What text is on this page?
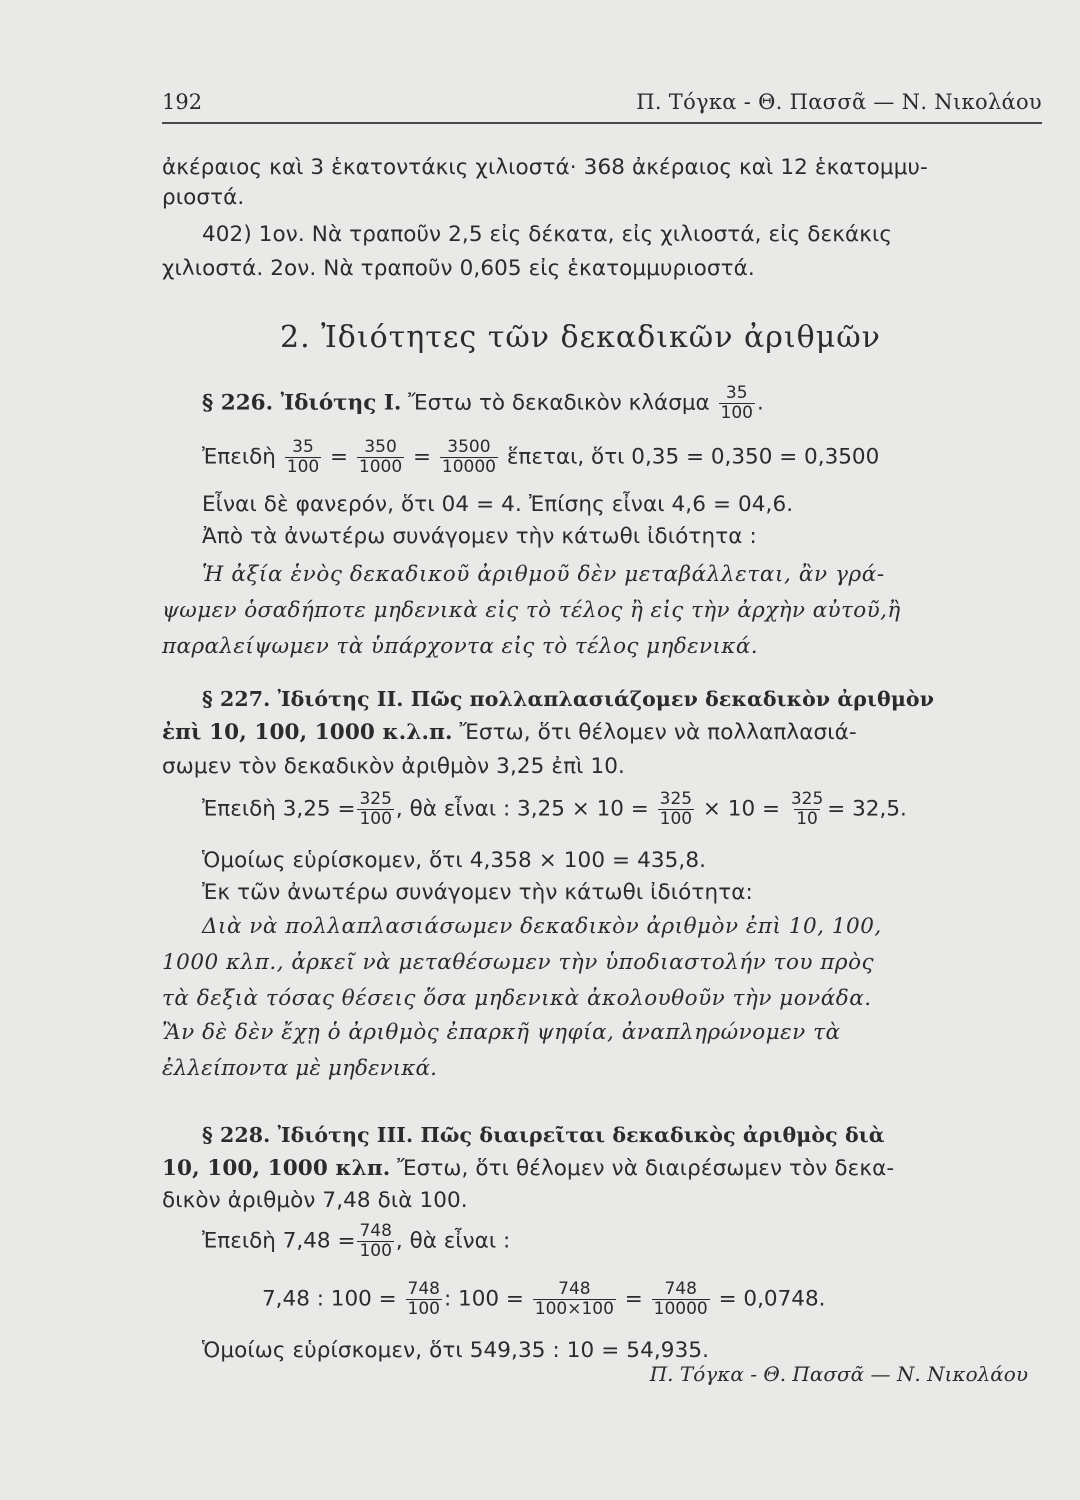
192	Π. Τόγκα - Θ. Πασσᾶ — Ν. Νικολάου
ἀκέραιος καὶ 3 ἑκατοντάκις χιλιοστά· 368 ἀκέραιος καὶ 12 ἑκατομμυ-
ριοστά.
402) 1ον. Νὰ τραποῦν 2,5 εἰς δέκατα, εἰς χιλιοστά, εἰς δεκάκις
χιλιοστά. 2ον. Νὰ τραποῦν 0,605 εἰς ἑκατομμυριοστά.
2. Ἰδιότητες τῶν δεκαδικῶν ἀριθμῶν
§ 226. Ἰδιότης I. Ἔστω τὸ δεκαδικὸν κλάσμα $\frac{35}{100}$ .
Ἐπειδὴ $\frac{35}{100} = \frac{350}{1000} = \frac{3500}{10000}$ ἕπεται, ὅτι 0,35 = 0,350 = 0,3500
Εἶναι δὲ φανερόν, ὅτι 04 = 4. Ἐπίσης εἶναι 4,6 = 04,6.
Ἀπὸ τὰ ἀνωτέρω συνάγομεν τὴν κάτωθι ἰδιότητα :
Ἡ ἀξία ἑνὸς δεκαδικοῦ ἀριθμοῦ δὲν μεταβάλλεται, ἂν γρά-
ψωμεν ὁσαδήποτε μηδενικὰ εἰς τὸ τέλος ἢ εἰς τὴν ἀρχὴν αὐτοῦ,ἢ
παραλείψωμεν τὰ ὑπάρχοντα εἰς τὸ τέλος μηδενικά.
§ 227. Ἰδιότης II. Πῶς πολλαπλασιάζομεν δεκαδικὸν ἀριθμὸν
ἐπὶ 10, 100, 1000 κ.λ.π. Ἔστω, ὅτι θέλομεν νὰ πολλαπλασιά-
σωμεν τὸν δεκαδικὸν ἀριθμὸν 3,25 ἐπὶ 10.
Ἐπειδὴ $3,25 = \frac{325}{100}$ , θὰ εἶναι : $3,25 \times 10 = \frac{325}{100} \times 10 = \frac{325}{10} = 32,5$.
Ὁμοίως εὑρίσκομεν, ὅτι 4,358 × 100 = 435,8.
Ἐκ τῶν ἀνωτέρω συνάγομεν τὴν κάτωθι ἰδιότητα:
Διὰ νὰ πολλαπλασιάσωμεν δεκαδικὸν ἀριθμὸν ἐπὶ 10, 100,
1000 κλπ., ἀρκεῖ νὰ μεταθέσωμεν τὴν ὑποδιαστολήν του πρὸς
τὰ δεξιὰ τόσας θέσεις ὅσα μηδενικὰ ἀκολουθοῦν τὴν μονάδα.
Ἂν δὲ δὲν ἔχῃ ὁ ἀριθμὸς ἐπαρκῆ ψηφία, ἀναπληρώνομεν τὰ
ἐλλείποντα μὲ μηδενικά.
§ 228. Ἰδιότης III. Πῶς διαιρεῖται δεκαδικὸς ἀριθμὸς διὰ
10, 100, 1000 κλπ. Ἔστω, ὅτι θέλομεν νὰ διαιρέσωμεν τὸν δεκα-
δικὸν ἀριθμὸν 7,48 διὰ 100.
Ἐπειδὴ $7,48 = \frac{748}{100}$ , θὰ εἶναι :
7,48 : $100 = \frac{748}{100}$ : $100 = \frac{748}{100\times 100} = \frac{748}{10000} = 0,0748$.
Ὁμοίως εὑρίσκομεν, ὅτι 549,35 : 10 = 54,935.
Π. Τόγκα - Θ. Πασσᾶ — Ν. Νικολάου
